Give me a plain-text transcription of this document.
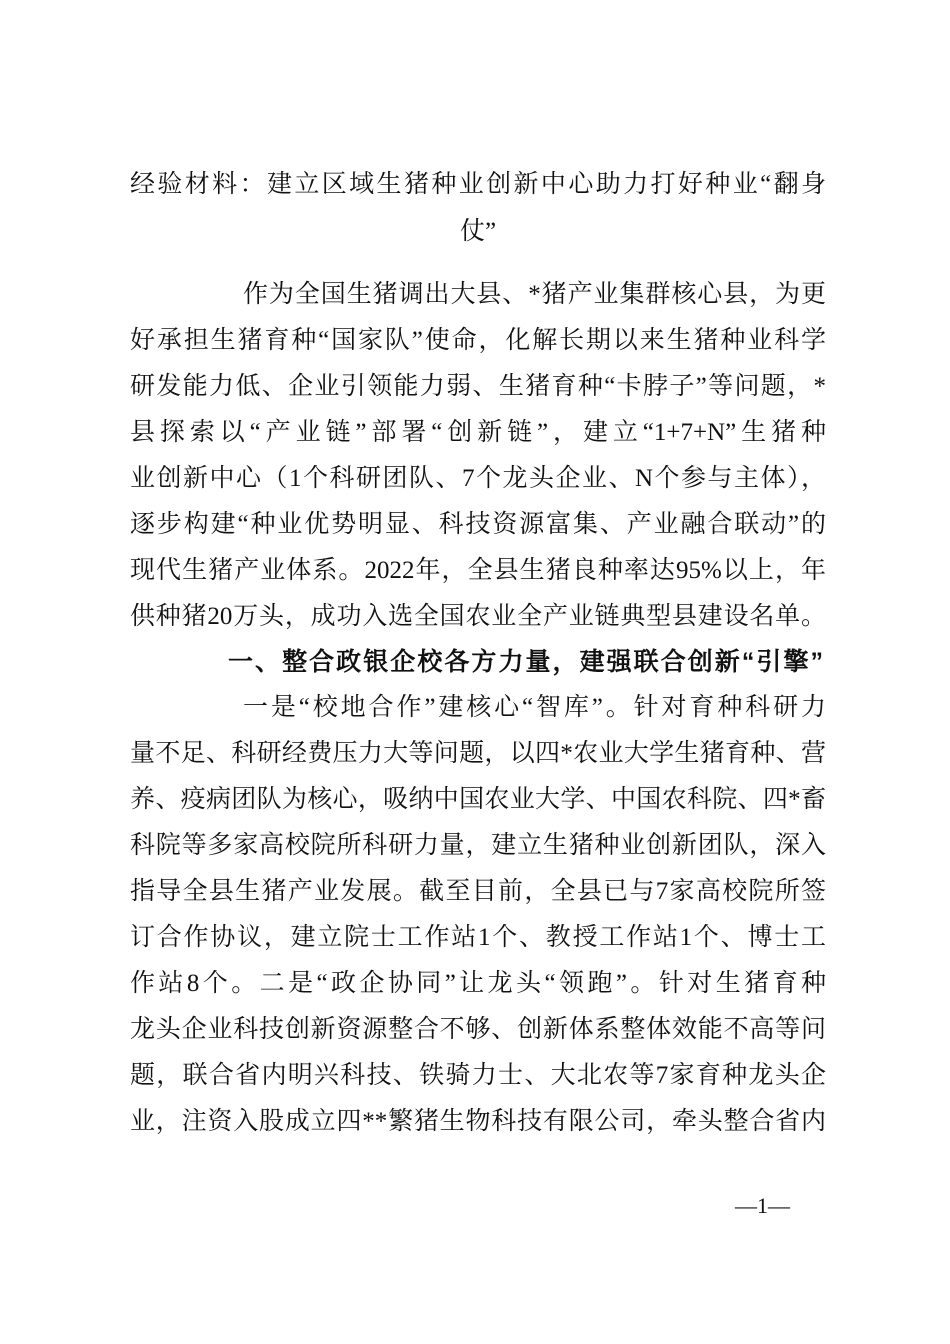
经验材料：建立区域生猪种业创新中心助力打好种业“翻身
仗”
作为全国生猪调出大县、*猪产业集群核心县，为更
好承担生猪育种“国家队”使命，化解长期以来生猪种业科学
研发能力低、企业引领能力弱、生猪育种“卡脖子”等问题，*
县探索以“产业链”部署“创新链”，建立“1+7+N”生猪种
业创新中心（1个科研团队、7个龙头企业、N个参与主体），
逐步构建“种业优势明显、科技资源富集、产业融合联动”的
现代生猪产业体系。2022年，全县生猪良种率达95%以上，年
供种猪20万头，成功入选全国农业全产业链典型县建设名单。
一、整合政银企校各方力量，建强联合创新“引擎”
一是“校地合作”建核心“智库”。针对育种科研力
量不足、科研经费压力大等问题，以四*农业大学生猪育种、营
养、疫病团队为核心，吸纳中国农业大学、中国农科院、四*畜
科院等多家高校院所科研力量，建立生猪种业创新团队，深入
指导全县生猪产业发展。截至目前，全县已与7家高校院所签
订合作协议，建立院士工作站1个、教授工作站1个、博士工
作站8个。二是“政企协同”让龙头“领跑”。针对生猪育种
龙头企业科技创新资源整合不够、创新体系整体效能不高等问
题，联合省内明兴科技、铁骑力士、大北农等7家育种龙头企
业，注资入股成立四**繁猪生物科技有限公司，牵头整合省内
—1—
